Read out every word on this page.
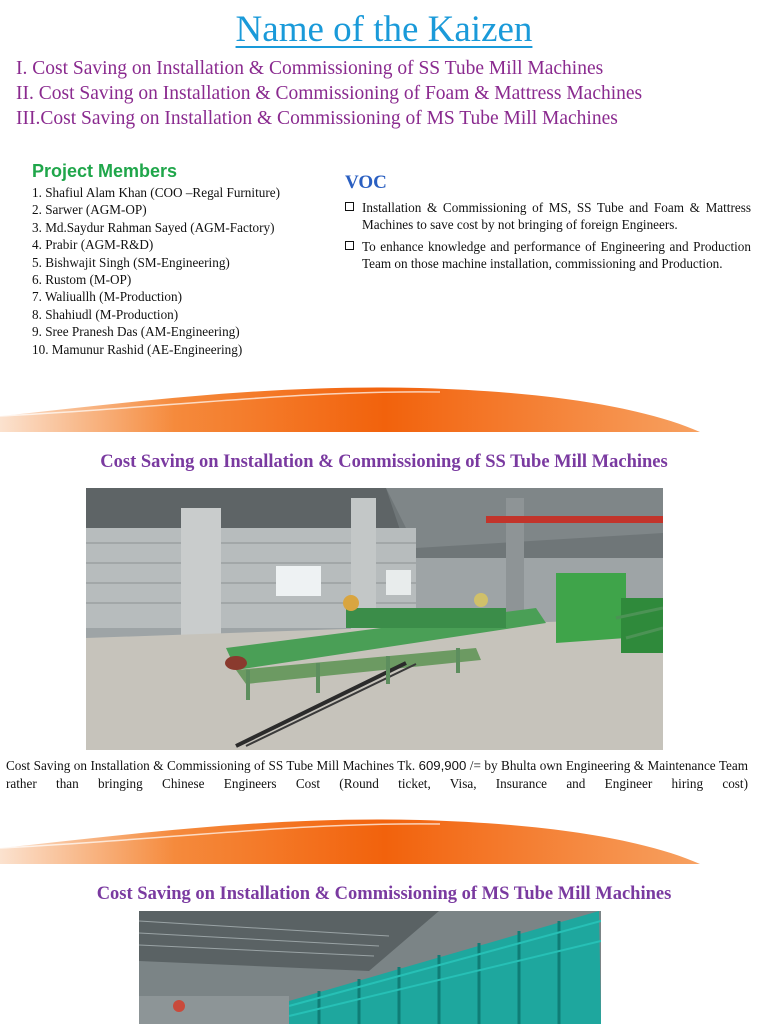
Name of the Kaizen
I. Cost Saving on Installation & Commissioning of SS Tube Mill Machines
II. Cost Saving on Installation & Commissioning of Foam & Mattress Machines
III.Cost Saving on Installation & Commissioning of MS Tube Mill Machines
Project Members
1. Shafiul Alam Khan (COO –Regal Furniture)
2. Sarwer (AGM-OP)
3. Md.Saydur Rahman Sayed (AGM-Factory)
4. Prabir (AGM-R&D)
5. Bishwajit Singh (SM-Engineering)
6. Rustom (M-OP)
7. Waliuallh (M-Production)
8. Shahiudl (M-Production)
9. Sree Pranesh Das (AM-Engineering)
10. Mamunur Rashid (AE-Engineering)
VOC
Installation & Commissioning of MS, SS Tube and Foam & Mattress Machines to save cost by not bringing of foreign Engineers.
To enhance knowledge and performance of Engineering and Production Team on those machine installation, commissioning and Production.
Cost Saving on Installation & Commissioning of SS Tube Mill Machines
Cost Saving on Installation & Commissioning of SS Tube Mill Machines Tk. 609,900 /= by Bhulta own Engineering & Maintenance Team rather than bringing Chinese Engineers Cost (Round ticket, Visa, Insurance and Engineer hiring cost)
Cost Saving on Installation & Commissioning of MS Tube Mill Machines
